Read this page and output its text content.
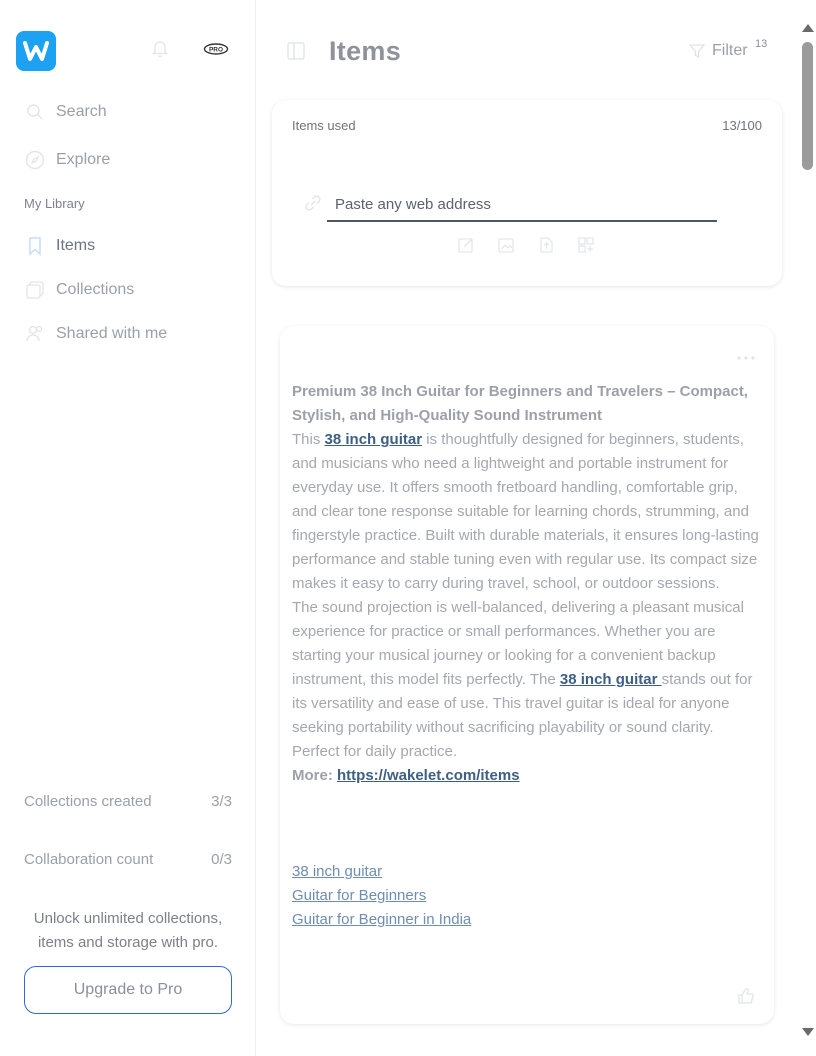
PRO
Search
Explore
My Library
Items
Collections
Shared with me
Collections created	3/3
Collaboration count	0/3
Unlock unlimited collections, items and storage with pro.
Upgrade to Pro
Items	Filter 13
Items used	13/100
Paste any web address
Premium 38 Inch Guitar for Beginners and Travelers – Compact, Stylish, and High-Quality Sound Instrument
This 38 inch guitar is thoughtfully designed for beginners, students, and musicians who need a lightweight and portable instrument for everyday use. It offers smooth fretboard handling, comfortable grip, and clear tone response suitable for learning chords, strumming, and fingerstyle practice. Built with durable materials, it ensures long-lasting performance and stable tuning even with regular use. Its compact size makes it easy to carry during travel, school, or outdoor sessions.
The sound projection is well-balanced, delivering a pleasant musical experience for practice or small performances. Whether you are starting your musical journey or looking for a convenient backup instrument, this model fits perfectly. The 38 inch guitar stands out for its versatility and ease of use. This travel guitar is ideal for anyone seeking portability without sacrificing playability or sound clarity. Perfect for daily practice.
More: https://wakelet.com/items
38 inch guitar
Guitar for Beginners
Guitar for Beginner in India
